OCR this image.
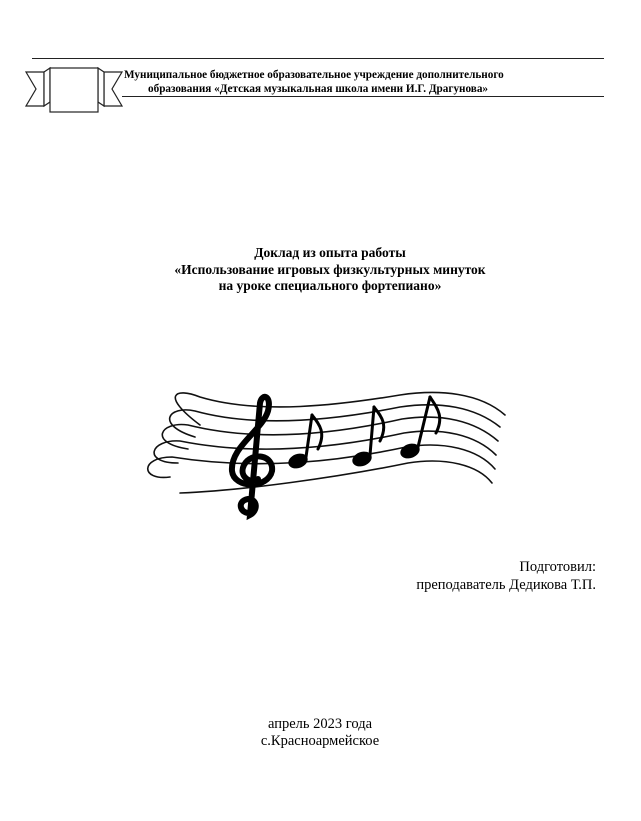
Муниципальное бюджетное образовательное учреждение дополнительного
образования «Детская музыкальная школа имени И.Г. Драгунова»
Доклад из опыта работы
«Использование игровых физкультурных минуток
на уроке специального фортепиано»
Подготовил:
преподаватель Дедикова Т.П.
апрель 2023 года
с.Красноармейское
